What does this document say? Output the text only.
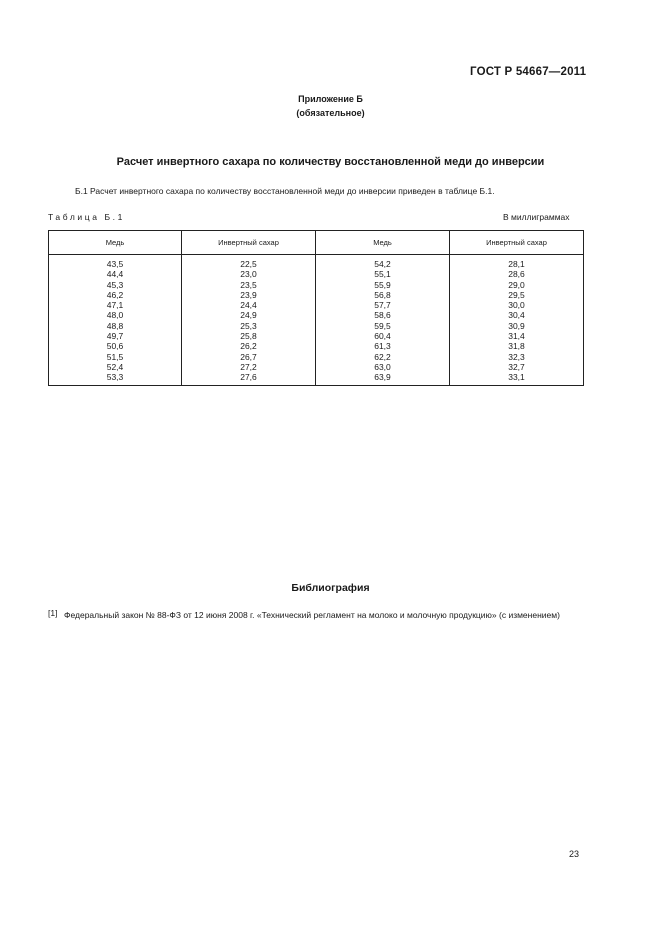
ГОСТ Р 54667—2011
Приложение Б
(обязательное)
Расчет инвертного сахара по количеству восстановленной меди до инверсии
Б.1 Расчет инвертного сахара по количеству восстановленной меди до инверсии приведен в таблице Б.1.
Таблица Б.1	В миллиграммах
Медь	Инвертный сахар	Медь	Инвертный сахар

43,5	22,5	54,2	28,1
44,4	23,0	55,1	28,6
45,3	23,5	55,9	29,0
46,2	23,9	56,8	29,5
47,1	24,4	57,7	30,0
48,0	24,9	58,6	30,4
48,8	25,3	59,5	30,9
49,7	25,8	60,4	31,4
50,6	26,2	61,3	31,8
51,5	26,7	62,2	32,3
52,4	27,2	63,0	32,7
53,3	27,6	63,9	33,1
Библиография
[1] Федеральный закон № 88-ФЗ от 12 июня 2008 г. «Технический регламент на молоко и молочную продукцию» (с изменением)
23
